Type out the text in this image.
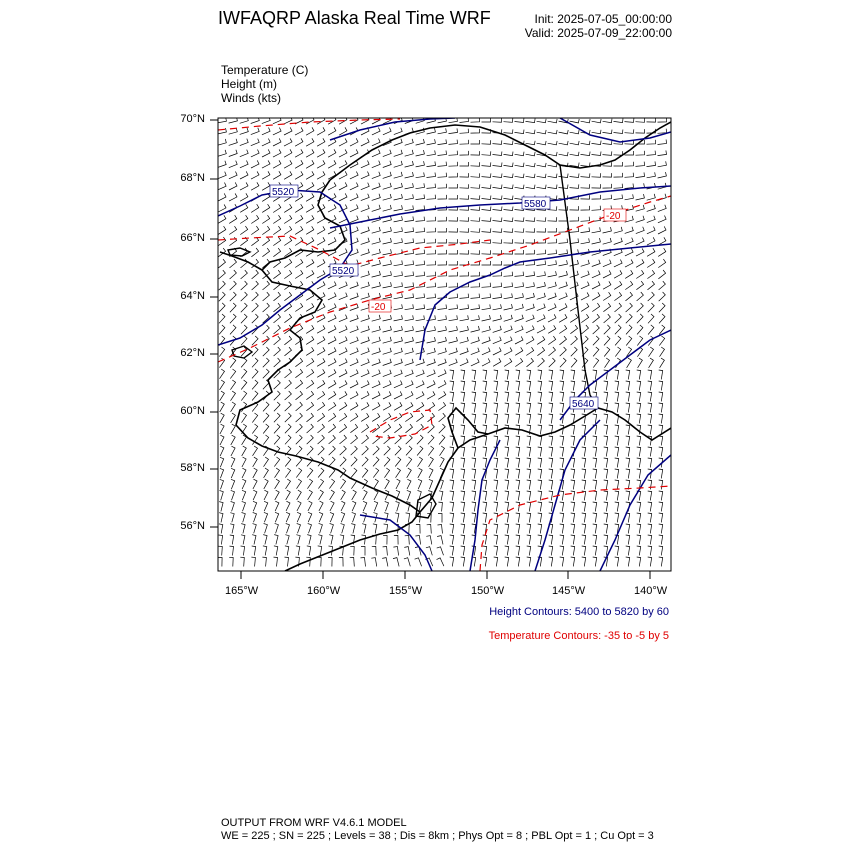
IWFAQRP Alaska Real Time WRF	Init: 2025-07-05_00:00:00
Valid: 2025-07-09_22:00:00
Temperature (C)
Height (m)
Winds (kts)
5520
5580
5520
5640
-20
-20
70°N
68°N
66°N
64°N
62°N
60°N
58°N
56°N
165°W	160°W	155°W	150°W	145°W	140°W
Height Contours: 5400 to 5820 by 60
Temperature Contours: -35 to -5 by 5
OUTPUT FROM WRF V4.6.1 MODEL
WE = 225 ; SN = 225 ; Levels = 38 ; Dis = 8km ; Phys Opt = 8 ; PBL Opt = 1 ; Cu Opt = 3
